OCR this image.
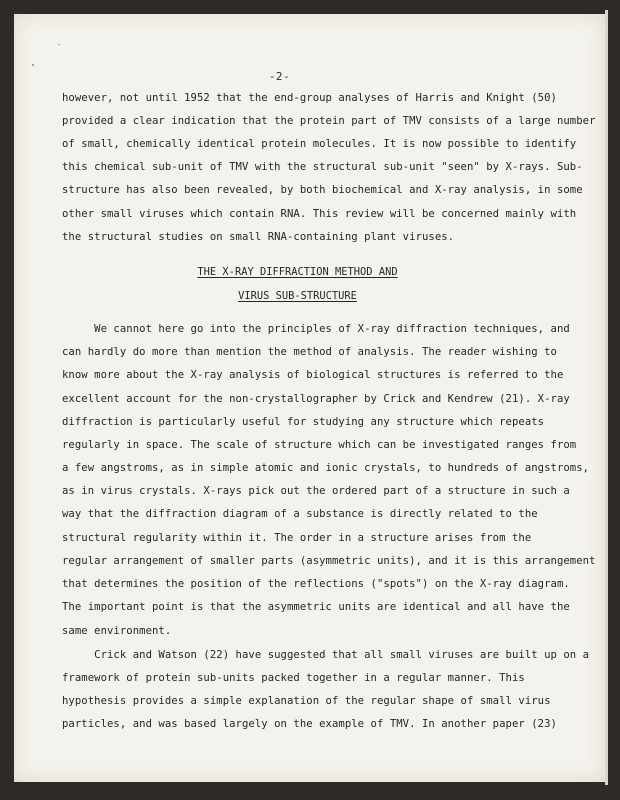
-2-
however, not until 1952 that the end-group analyses of Harris and Knight (50)
provided a clear indication that the protein part of TMV consists of a large number
of small, chemically identical protein molecules. It is now possible to identify
this chemical sub-unit of TMV with the structural sub-unit "seen" by X-rays. Sub-
structure has also been revealed, by both biochemical and X-ray analysis, in some
other small viruses which contain RNA. This review will be concerned mainly with
the structural studies on small RNA-containing plant viruses.
THE X-RAY DIFFRACTION METHOD AND
VIRUS SUB-STRUCTURE
We cannot here go into the principles of X-ray diffraction techniques, and
can hardly do more than mention the method of analysis. The reader wishing to
know more about the X-ray analysis of biological structures is referred to the
excellent account for the non-crystallographer by Crick and Kendrew (21). X-ray
diffraction is particularly useful for studying any structure which repeats
regularly in space. The scale of structure which can be investigated ranges from
a few angstroms, as in simple atomic and ionic crystals, to hundreds of angstroms,
as in virus crystals. X-rays pick out the ordered part of a structure in such a
way that the diffraction diagram of a substance is directly related to the
structural regularity within it. The order in a structure arises from the
regular arrangement of smaller parts (asymmetric units), and it is this arrangement
that determines the position of the reflections ("spots") on the X-ray diagram.
The important point is that the asymmetric units are identical and all have the
same environment.
Crick and Watson (22) have suggested that all small viruses are built up on a
framework of protein sub-units packed together in a regular manner. This
hypothesis provides a simple explanation of the regular shape of small virus
particles, and was based largely on the example of TMV. In another paper (23)
